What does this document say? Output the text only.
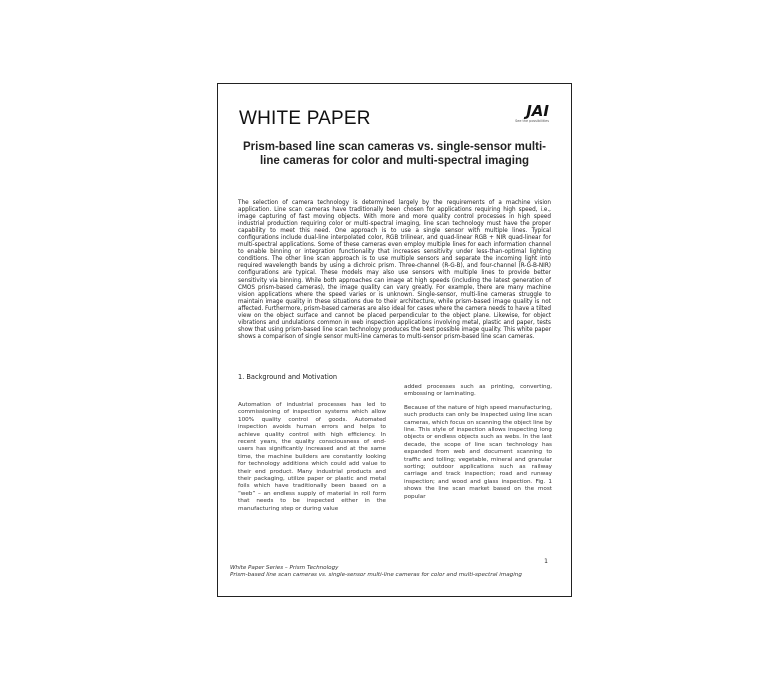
WHITE PAPER	JAI
See the possibilities
Prism-based line scan cameras vs. single-sensor multi-line cameras for color and multi-spectral imaging
The selection of camera technology is determined largely by the requirements of a machine vision application. Line scan cameras have traditionally been chosen for applications requiring high speed, i.e., image capturing of fast moving objects. With more and more quality control processes in high speed industrial production requiring color or multi-spectral imaging, line scan technology must have the proper capability to meet this need. One approach is to use a single sensor with multiple lines. Typical configurations include dual-line interpolated color, RGB trilinear, and quad-linear RGB + NIR quad-linear for multi-spectral applications. Some of these cameras even employ multiple lines for each information channel to enable binning or integration functionality that increases sensitivity under less-than-optimal lighting conditions. The other line scan approach is to use multiple sensors and separate the incoming light into required wavelength bands by using a dichroic prism. Three-channel (R-G-B), and four-channel (R-G-B-NIR) configurations are typical. These models may also use sensors with multiple lines to provide better sensitivity via binning. While both approaches can image at high speeds (including the latest generation of CMOS prism-based cameras), the image quality can vary greatly. For example, there are many machine vision applications where the speed varies or is unknown. Single-sensor, multi-line cameras struggle to maintain image quality in these situations due to their architecture, while prism-based image quality is not affected. Furthermore, prism-based cameras are also ideal for cases where the camera needs to have a tilted view on the object surface and cannot be placed perpendicular to the object plane. Likewise, for object vibrations and undulations common in web inspection applications involving metal, plastic and paper, tests show that using prism-based line scan technology produces the best possible image quality. This white paper shows a comparison of single sensor multi-line cameras to multi-sensor prism-based line scan cameras.
1. Background and Motivation

Automation of industrial processes has led to commissioning of inspection systems which allow 100% quality control of goods. Automated inspection avoids human errors and helps to achieve quality control with high efficiency. In recent years, the quality consciousness of end-users has significantly increased and at the same time, the machine builders are constantly looking for technology additions which could add value to their end product. Many industrial products and their packaging, utilize paper or plastic and metal foils which have traditionally been based on a “web” – an endless supply of material in roll form that needs to be inspected either in the manufacturing step or during value

added processes such as printing, converting, embossing or laminating.

Because of the nature of high speed manufacturing, such products can only be inspected using line scan cameras, which focus on scanning the object line by line. This style of inspection allows inspecting long objects or endless objects such as webs. In the last decade, the scope of line scan technology has expanded from web and document scanning to traffic and tolling; vegetable, mineral and granular sorting; outdoor applications such as railway carriage and track inspection; road and runway inspection; and wood and glass inspection. Fig. 1 shows the line scan market based on the most popular

1
White Paper Series – Prism Technology
Prism-based line scan cameras vs. single-sensor multi-line cameras for color and multi-spectral imaging
